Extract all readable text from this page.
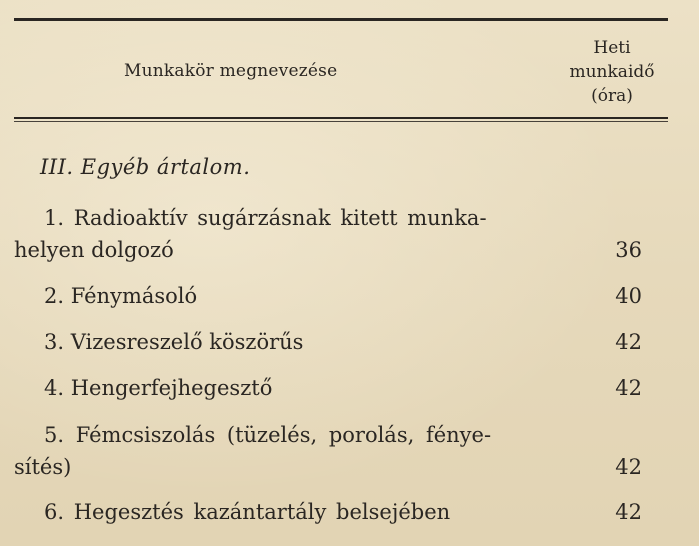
Munkakör megnevezése
Heti
munkaidő
(óra)
III. Egyéb ártalom.
1. Radioaktív sugárzásnak kitett munka-
helyen dolgozó	36
2. Fénymásoló	40
3. Vizesreszelő köszörűs	42
4. Hengerfejhegesztő	42
5. Fémcsiszolás (tüzelés, porolás, fénye-
sítés)	42
6. Hegesztés kazántartály belsejében	42
